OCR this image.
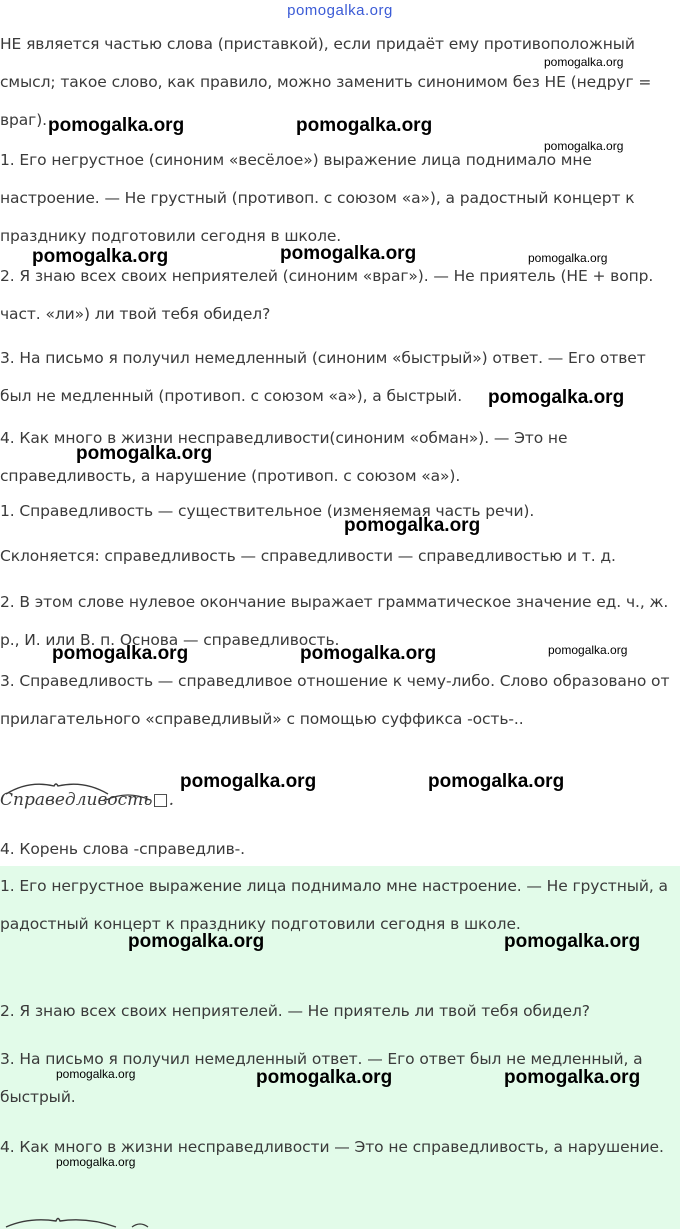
pomogalka.org

НЕ является частью слова (приставкой), если придаёт ему противоположный смысл; такое слово, как правило, можно заменить синонимом без НЕ (недруг = враг).

1. Его негрустное (синоним «весёлое») выражение лица поднимало мне настроение. — Не грустный (противоп. с союзом «а»), а радостный концерт к празднику подготовили сегодня в школе.

2. Я знаю всех своих неприятелей (синоним «враг»). — Не приятель (НЕ + вопр. част. «ли») ли твой тебя обидел?

3. На письмо я получил немедленный (синоним «быстрый») ответ. — Его ответ был не медленный (противоп. с союзом «а»), а быстрый.

4. Как много в жизни несправедливости(синоним «обман»). — Это не справедливость, а нарушение (противоп. с союзом «а»).

1. Справедливость — существительное (изменяемая часть речи).

Склоняется: справедливость — справедливости — справедливостью и т. д.

2. В этом слове нулевое окончание выражает грамматическое значение ед. ч., ж. р., И. или В. п. Основа — справедливость.

3. Справедливость — справедливое отношение к чему-либо. Слово образовано от прилагательного «справедливый» с помощью суффикса -ость-..

Справедливость□.

4. Корень слова -справедлив-.

1. Его негрустное выражение лица поднимало мне настроение. — Не грустный, а радостный концерт к празднику подготовили сегодня в школе.

2. Я знаю всех своих неприятелей. — Не приятель ли твой тебя обидел?

3. На письмо я получил немедленный ответ. — Его ответ был не медленный, а быстрый.

4. Как много в жизни несправедливости — Это не справедливость, а нарушение.

pomogalka.org	pomogalka.org
pomogalka.org
pomogalka.org
pomogalka.org	pomogalka.org	pomogalka.org
pomogalka.org
pomogalka.org
pomogalka.org
pomogalka.org	pomogalka.org	pomogalka.org
pomogalka.org	pomogalka.org
pomogalka.org	pomogalka.org
pomogalka.org	pomogalka.org	pomogalka.org
pomogalka.org
